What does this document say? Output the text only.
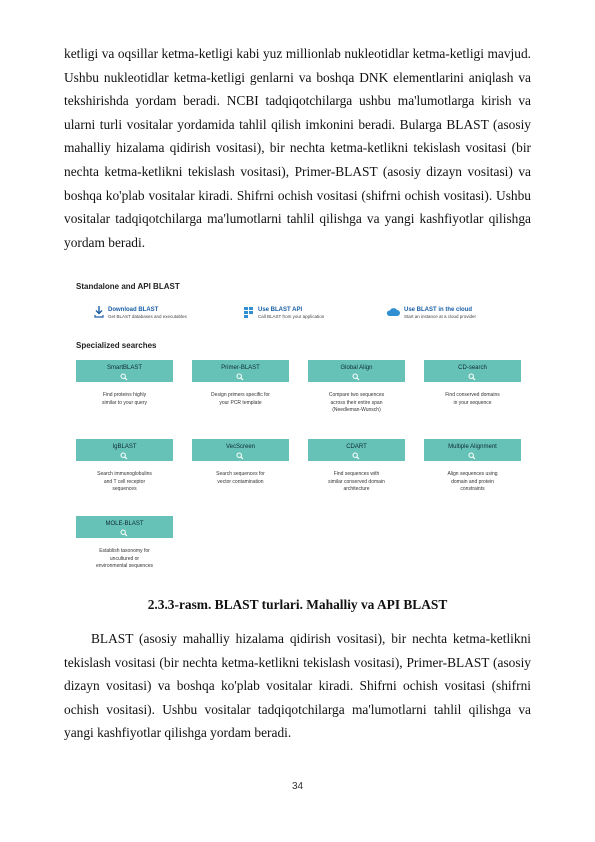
ketligi va oqsillar ketma-ketligi kabi yuz millionlab nukleotidlar ketma-ketligi mavjud. Ushbu nukleotidlar ketma-ketligi genlarni va boshqa DNK elementlarini aniqlash va tekshirishda yordam beradi. NCBI tadqiqotchilarga ushbu ma'lumotlarga kirish va ularni turli vositalar yordamida tahlil qilish imkonini beradi. Bularga BLAST (asosiy mahalliy hizalama qidirish vositasi), bir nechta ketma-ketlikni tekislash vositasi (bir nechta ketma-ketlikni tekislash vositasi), Primer-BLAST (asosiy dizayn vositasi) va boshqa ko'plab vositalar kiradi. Shifrni ochish vositasi (shifrni ochish vositasi). Ushbu vositalar tadqiqotchilarga ma'lumotlarni tahlil qilishga va yangi kashfiyotlar qilishga yordam beradi.

Standalone and API BLAST
Download BLAST
Get BLAST databases and executables
Use BLAST API
Call BLAST from your application
Use BLAST in the cloud
Start an instance at a cloud provider
Specialized searches
SmartBLAST
Find proteins highly
similar to your query
Primer-BLAST
Design primers specific for
your PCR template
Global Align
Compare two sequences
across their entire span
(Needleman-Wunsch)
CD-search
Find conserved domains
in your sequence
IgBLAST
Search immunoglobulins
and T cell receptor
sequences
VecScreen
Search sequences for
vector contamination
CDART
Find sequences with
similar conserved domain
architecture
Multiple Alignment
Align sequences using
domain and protein
constraints
MOLE-BLAST
Establish taxonomy for
uncultured or
environmental sequences
2.3.3-rasm. BLAST turlari. Mahalliy va API BLAST

BLAST (asosiy mahalliy hizalama qidirish vositasi), bir nechta ketma-ketlikni tekislash vositasi (bir nechta ketma-ketlikni tekislash vositasi), Primer-BLAST (asosiy dizayn vositasi) va boshqa ko'plab vositalar kiradi. Shifrni ochish vositasi (shifrni ochish vositasi). Ushbu vositalar tadqiqotchilarga ma'lumotlarni tahlil qilishga va yangi kashfiyotlar qilishga yordam beradi.

34
